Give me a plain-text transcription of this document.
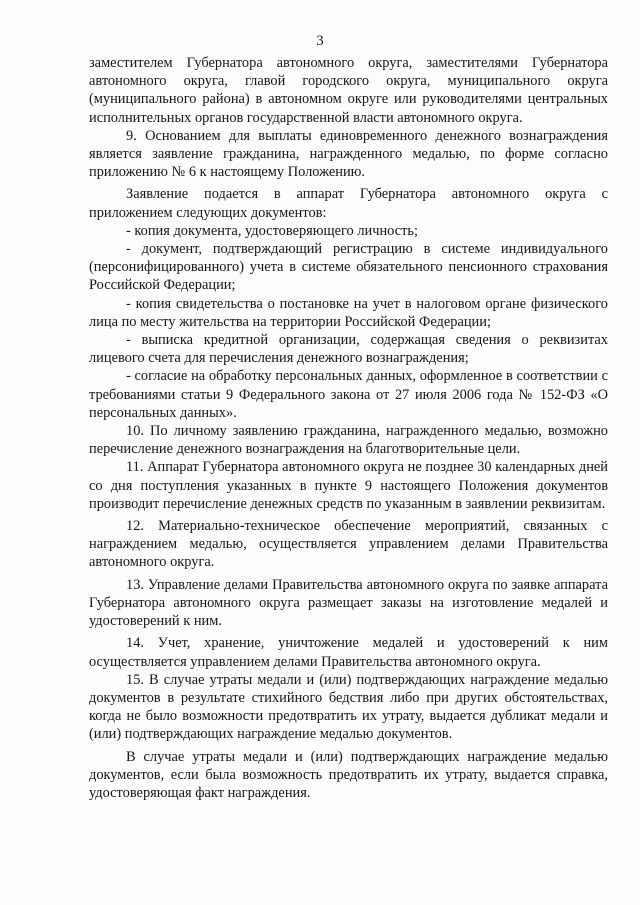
3

заместителем Губернатора автономного округа, заместителями Губернатора автономного округа, главой городского округа, муниципального округа (муниципального района) в автономном округе или руководителями центральных исполнительных органов государственной власти автономного округа.

9. Основанием для выплаты единовременного денежного вознаграждения является заявление гражданина, награжденного медалью, по форме согласно приложению № 6 к настоящему Положению.

Заявление подается в аппарат Губернатора автономного округа с приложением следующих документов:

- копия документа, удостоверяющего личность;

- документ, подтверждающий регистрацию в системе индивидуального (персонифицированного) учета в системе обязательного пенсионного страхования Российской Федерации;

- копия свидетельства о постановке на учет в налоговом органе физического лица по месту жительства на территории Российской Федерации;

- выписка кредитной организации, содержащая сведения о реквизитах лицевого счета для перечисления денежного вознаграждения;

- согласие на обработку персональных данных, оформленное в соответствии с требованиями статьи 9 Федерального закона от 27 июля 2006 года № 152-ФЗ «О персональных данных».

10. По личному заявлению гражданина, награжденного медалью, возможно перечисление денежного вознаграждения на благотворительные цели.

11. Аппарат Губернатора автономного округа не позднее 30 календарных дней со дня поступления указанных в пункте 9 настоящего Положения документов производит перечисление денежных средств по указанным в заявлении реквизитам.

12. Материально-техническое обеспечение мероприятий, связанных с награждением медалью, осуществляется управлением делами Правительства автономного округа.

13. Управление делами Правительства автономного округа по заявке аппарата Губернатора автономного округа размещает заказы на изготовление медалей и удостоверений к ним.

14. Учет, хранение, уничтожение медалей и удостоверений к ним осуществляется управлением делами Правительства автономного округа.

15. В случае утраты медали и (или) подтверждающих награждение медалью документов в результате стихийного бедствия либо при других обстоятельствах, когда не было возможности предотвратить их утрату, выдается дубликат медали и (или) подтверждающих награждение медалью документов.

В случае утраты медали и (или) подтверждающих награждение медалью документов, если была возможность предотвратить их утрату, выдается справка, удостоверяющая факт награждения.
